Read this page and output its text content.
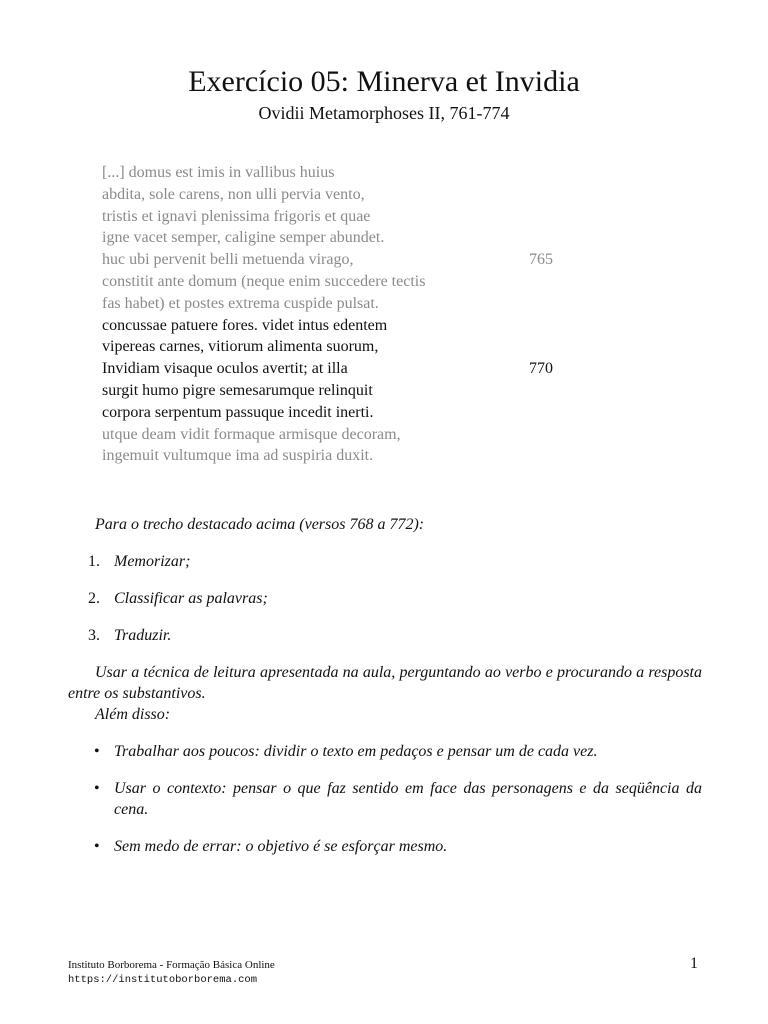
Exercício 05: Minerva et Invidia
Ovidii Metamorphoses II, 761-774
[...] domus est imis in vallibus huius
abdita, sole carens, non ulli pervia vento,
tristis et ignavi plenissima frigoris et quae
igne vacet semper, caligine semper abundet.
huc ubi pervenit belli metuenda virago,	765
constitit ante domum (neque enim succedere tectis
fas habet) et postes extrema cuspide pulsat.
concussae patuere fores. videt intus edentem
vipereas carnes, vitiorum alimenta suorum,
Invidiam visaque oculos avertit; at illa	770
surgit humo pigre semesarumque relinquit
corpora serpentum passuque incedit inerti.
utque deam vidit formaque armisque decoram,
ingemuit vultumque ima ad suspiria duxit.

Para o trecho destacado acima (versos 768 a 772):

1. Memorizar;
2. Classificar as palavras;
3. Traduzir.

Usar a técnica de leitura apresentada na aula, perguntando ao verbo e procurando a resposta entre os substantivos.

Além disso:

• Trabalhar aos poucos: dividir o texto em pedaços e pensar um de cada vez.
• Usar o contexto: pensar o que faz sentido em face das personagens e da seqüência da cena.
• Sem medo de errar: o objetivo é se esforçar mesmo.
Instituto Borborema - Formação Básica Online
https://institutoborborema.com
1
